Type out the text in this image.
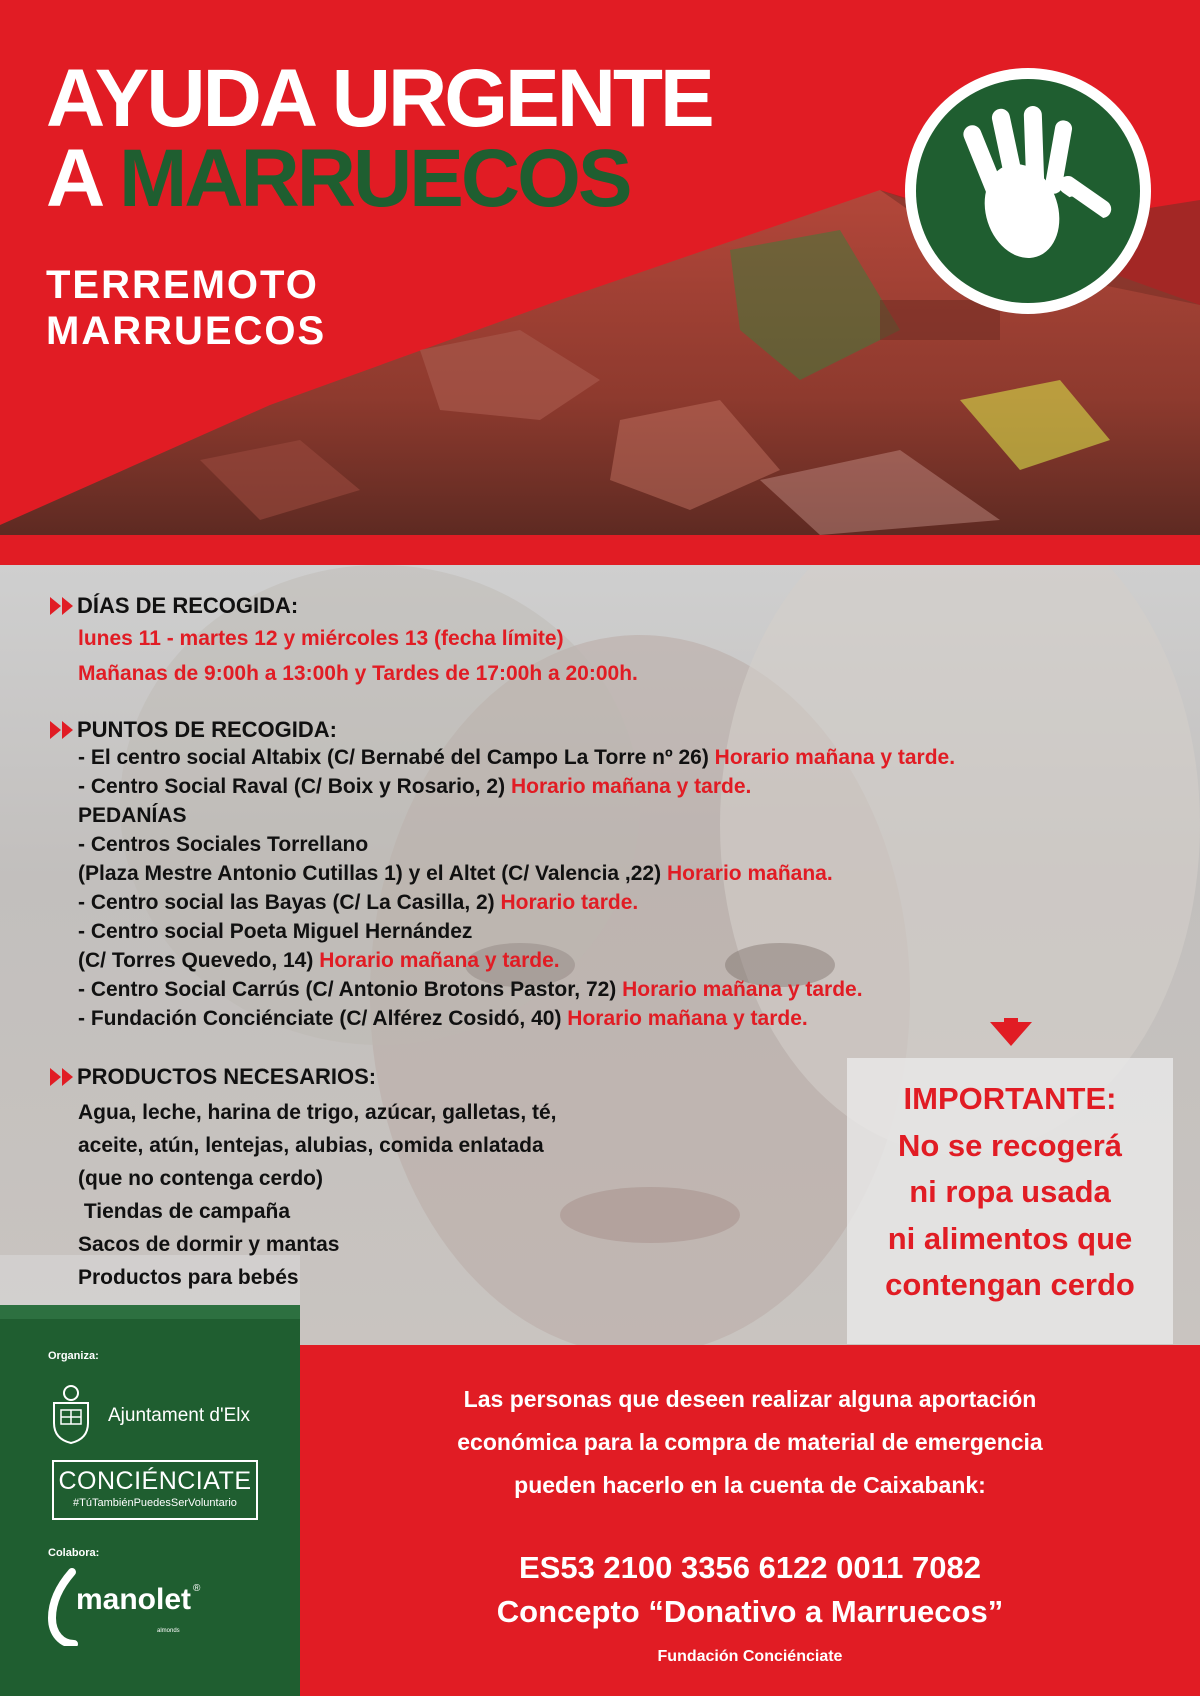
AYUDA URGENTE
A MARRUECOS
TERREMOTO
MARRUECOS
DÍAS DE RECOGIDA:
lunes 11 - martes 12 y miércoles 13 (fecha límite)
Mañanas de 9:00h a 13:00h y Tardes de 17:00h a 20:00h.
PUNTOS DE RECOGIDA:
- El centro social Altabix (C/ Bernabé del Campo La Torre nº 26) Horario mañana y tarde.
- Centro Social Raval (C/ Boix y Rosario, 2) Horario mañana y tarde.
PEDANÍAS
- Centros Sociales Torrellano
(Plaza Mestre Antonio Cutillas 1) y el Altet (C/ Valencia ,22) Horario mañana.
- Centro social las Bayas (C/ La Casilla, 2) Horario tarde.
- Centro social Poeta Miguel Hernández
(C/ Torres Quevedo, 14) Horario mañana y tarde.
- Centro Social Carrús (C/ Antonio Brotons Pastor, 72) Horario mañana y tarde.
- Fundación Conciénciate (C/ Alférez Cosidó, 40) Horario mañana y tarde.
PRODUCTOS NECESARIOS:
Agua, leche, harina de trigo, azúcar, galletas, té,
aceite, atún, lentejas, alubias, comida enlatada
(que no contenga cerdo)
Tiendas de campaña
Sacos de dormir y mantas
Productos para bebés
IMPORTANTE:
No se recogerá
ni ropa usada
ni alimentos que
contengan cerdo
Organiza:
Ajuntament d'Elx
CONCIÉNCIATE
#TúTambiénPuedesSerVoluntario
Colabora:
manolet ®
almonds
Las personas que deseen realizar alguna aportación
económica para la compra de material de emergencia
pueden hacerlo en la cuenta de Caixabank:
ES53 2100 3356 6122 0011 7082
Concepto “Donativo a Marruecos”
Fundación Conciénciate
